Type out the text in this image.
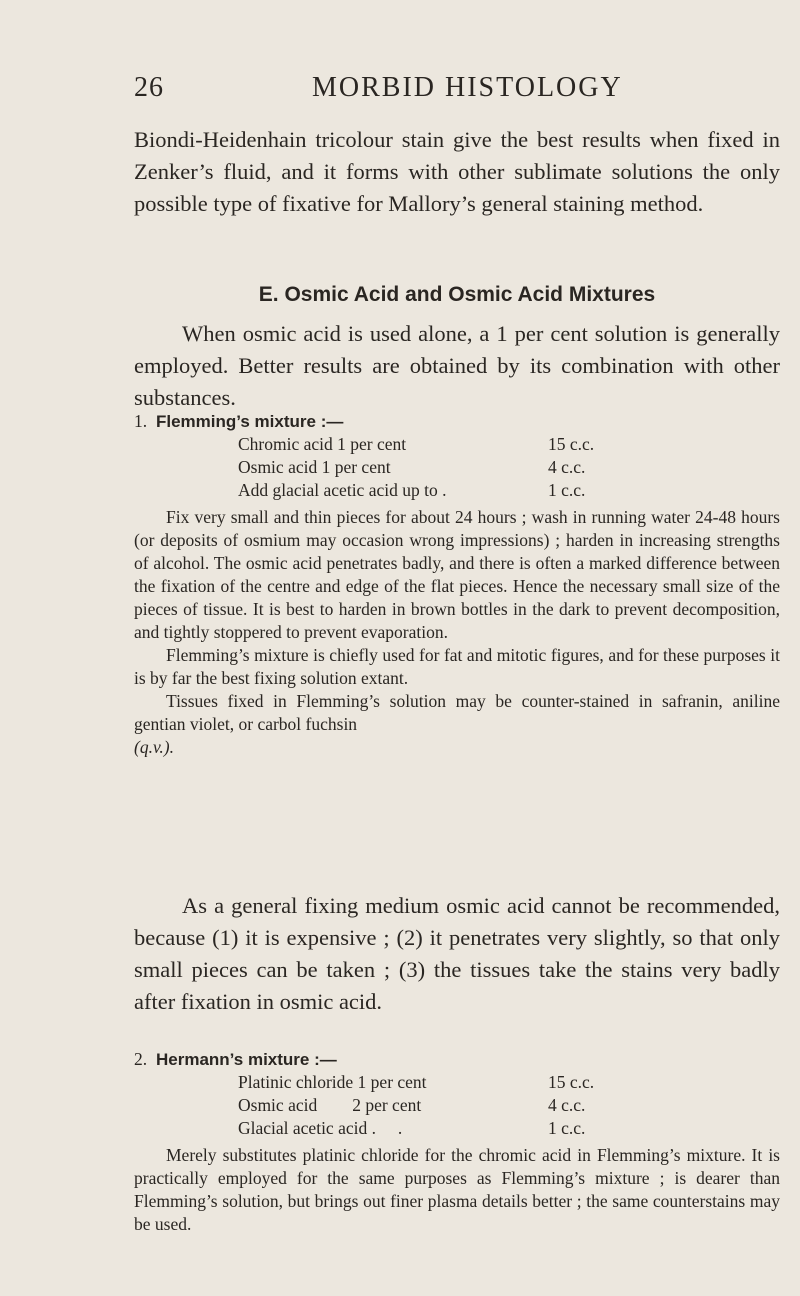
26	MORBID HISTOLOGY

Biondi-Heidenhain tricolour stain give the best results when fixed in Zenker’s fluid, and it forms with other sublimate solutions the only possible type of fixative for Mallory’s general staining method.

E. Osmic Acid and Osmic Acid Mixtures

When osmic acid is used alone, a 1 per cent solution is generally employed. Better results are obtained by its combination with other substances.

1. Flemming’s mixture :—
Chromic acid 1 per cent	15 c.c.
Osmic acid 1 per cent	4 c.c.
Add glacial acetic acid up to .	1 c.c.

Fix very small and thin pieces for about 24 hours ; wash in running water 24-48 hours (or deposits of osmium may occasion wrong impressions) ; harden in increasing strengths of alcohol. The osmic acid penetrates badly, and there is often a marked difference between the fixation of the centre and edge of the flat pieces. Hence the necessary small size of the pieces of tissue. It is best to harden in brown bottles in the dark to prevent decomposition, and tightly stoppered to prevent evaporation.

Flemming’s mixture is chiefly used for fat and mitotic figures, and for these purposes it is by far the best fixing solution extant.

Tissues fixed in Flemming’s solution may be counter-stained in safranin, aniline gentian violet, or carbol fuchsin

(q.v.).

As a general fixing medium osmic acid cannot be recommended, because (1) it is expensive ; (2) it penetrates very slightly, so that only small pieces can be taken ; (3) the tissues take the stains very badly after fixation in osmic acid.

2. Hermann’s mixture :—
Platinic chloride 1 per cent	15 c.c.
Osmic acid        2 per cent	4 c.c.
Glacial acetic acid .     .	1 c.c.

Merely substitutes platinic chloride for the chromic acid in Flemming’s mixture. It is practically employed for the same purposes as Flemming’s mixture ; is dearer than Flemming’s solution, but brings out finer plasma details better ; the same counterstains may be used.
